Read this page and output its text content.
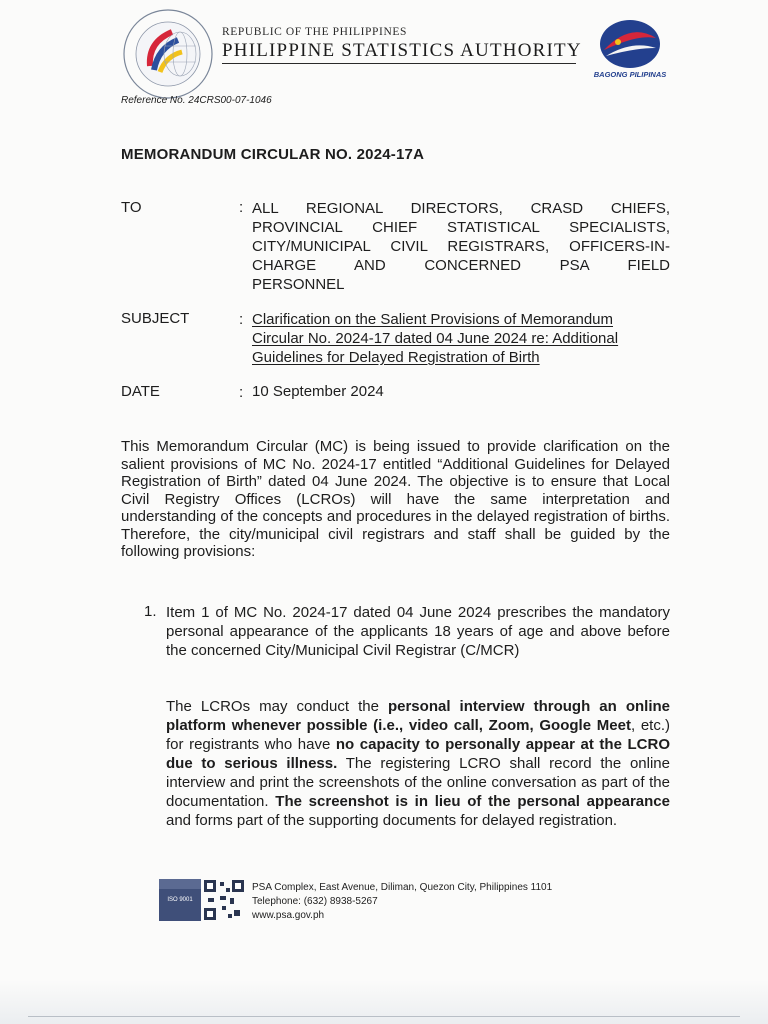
REPUBLIC OF THE PHILIPPINES
PHILIPPINE STATISTICS AUTHORITY
BAGONG PILIPINAS
Reference No. 24CRS00-07-1046
MEMORANDUM CIRCULAR NO. 2024-17A
TO	: ALL REGIONAL DIRECTORS, CRASD CHIEFS,
PROVINCIAL CHIEF STATISTICAL SPECIALISTS,
CITY/MUNICIPAL CIVIL REGISTRARS, OFFICERS-IN-
CHARGE AND CONCERNED PSA FIELD
PERSONNEL
SUBJECT	: Clarification on the Salient Provisions of Memorandum
Circular No. 2024-17 dated 04 June 2024 re: Additional
Guidelines for Delayed Registration of Birth
DATE	: 10 September 2024
This Memorandum Circular (MC) is being issued to provide clarification on the salient provisions of MC No. 2024-17 entitled “Additional Guidelines for Delayed Registration of Birth” dated 04 June 2024. The objective is to ensure that Local Civil Registry Offices (LCROs) will have the same interpretation and understanding of the concepts and procedures in the delayed registration of births. Therefore, the city/municipal civil registrars and staff shall be guided by the following provisions:
1. Item 1 of MC No. 2024-17 dated 04 June 2024 prescribes the mandatory personal appearance of the applicants 18 years of age and above before the concerned City/Municipal Civil Registrar (C/MCR)
The LCROs may conduct the personal interview through an online platform whenever possible (i.e., video call, Zoom, Google Meet, etc.) for registrants who have no capacity to personally appear at the LCRO due to serious illness. The registering LCRO shall record the online interview and print the screenshots of the online conversation as part of the documentation. The screenshot is in lieu of the personal appearance and forms part of the supporting documents for delayed registration.
ISO 9001
PSA Complex, East Avenue, Diliman, Quezon City, Philippines 1101
Telephone: (632) 8938-5267
www.psa.gov.ph
